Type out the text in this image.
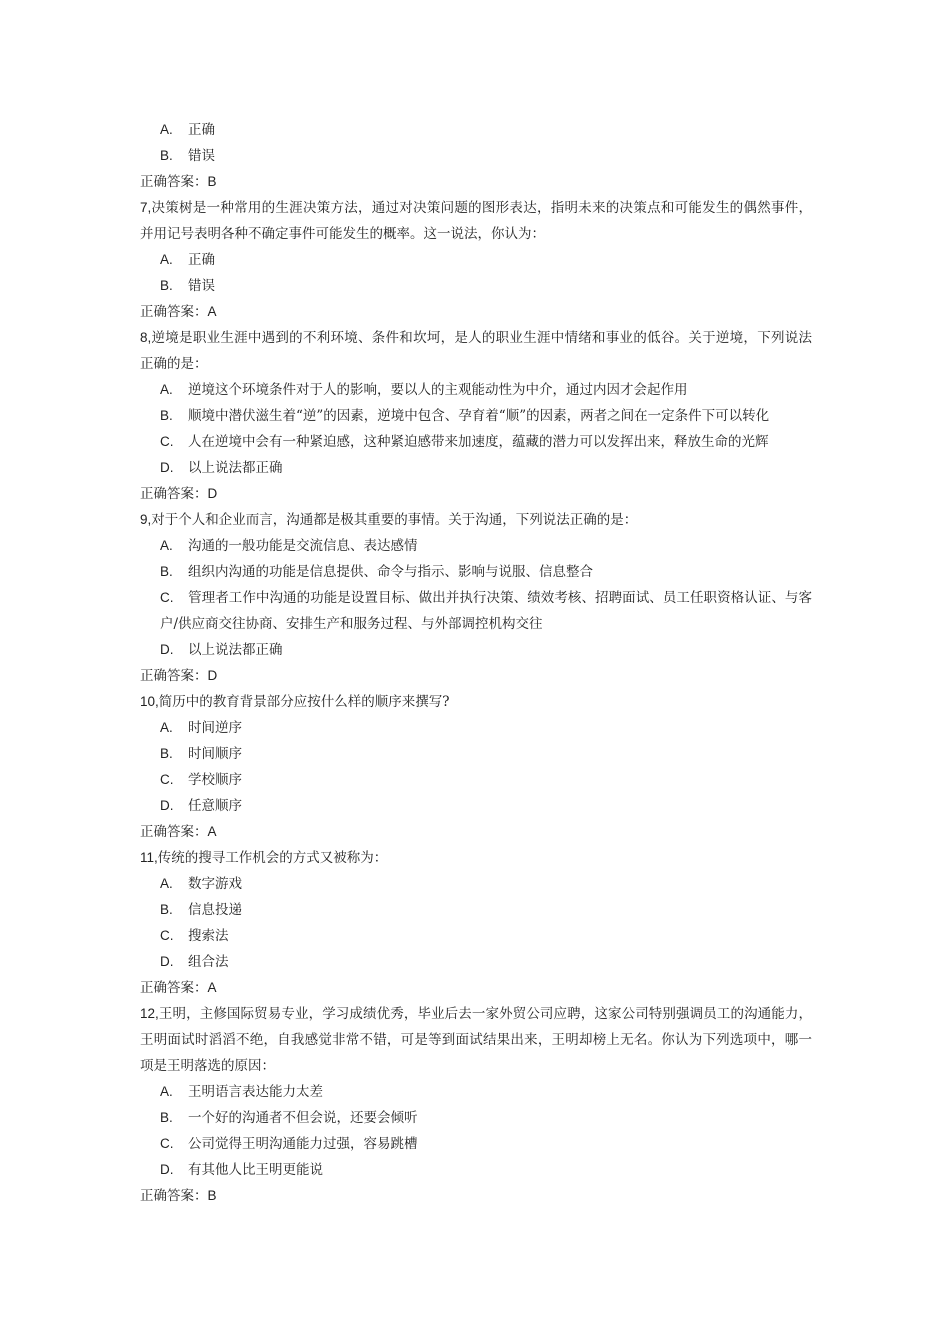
A.	正确
B.	错误
正确答案：B
7,决策树是一种常用的生涯决策方法，通过对决策问题的图形表达，指明未来的决策点和可能发生的偶然事件，并用记号表明各种不确定事件可能发生的概率。这一说法，你认为：
A.	正确
B.	错误
正确答案：A
8,逆境是职业生涯中遇到的不利环境、条件和坎坷，是人的职业生涯中情绪和事业的低谷。关于逆境，下列说法正确的是：
A.	逆境这个环境条件对于人的影响，要以人的主观能动性为中介，通过内因才会起作用
B. 顺境中潜伏滋生着“逆”的因素，逆境中包含、孕育着“顺”的因素，两者之间在一定条件下可以转化
C.	人在逆境中会有一种紧迫感，这种紧迫感带来加速度，蕴藏的潜力可以发挥出来，释放生命的光辉
D.	以上说法都正确
正确答案：D
9,对于个人和企业而言，沟通都是极其重要的事情。关于沟通，下列说法正确的是：
A.	沟通的一般功能是交流信息、表达感情
B.	组织内沟通的功能是信息提供、命令与指示、影响与说服、信息整合
C. 管理者工作中沟通的功能是设置目标、做出并执行决策、绩效考核、招聘面试、员工任职资格认证、与客户/供应商交往协商、安排生产和服务过程、与外部调控机构交往
D.	以上说法都正确
正确答案：D
10,简历中的教育背景部分应按什么样的顺序来撰写?
A.	时间逆序
B.	时间顺序
C.	学校顺序
D.	任意顺序
正确答案：A
11,传统的搜寻工作机会的方式又被称为：
A.	数字游戏
B.	信息投递
C.	搜索法
D.	组合法
正确答案：A
12,王明，主修国际贸易专业，学习成绩优秀，毕业后去一家外贸公司应聘，这家公司特别强调员工的沟通能力，王明面试时滔滔不绝，自我感觉非常不错，可是等到面试结果出来，王明却榜上无名。你认为下列选项中，哪一项是王明落选的原因：
A.	王明语言表达能力太差
B.	一个好的沟通者不但会说，还要会倾听
C.	公司觉得王明沟通能力过强，容易跳槽
D.	有其他人比王明更能说
正确答案：B
